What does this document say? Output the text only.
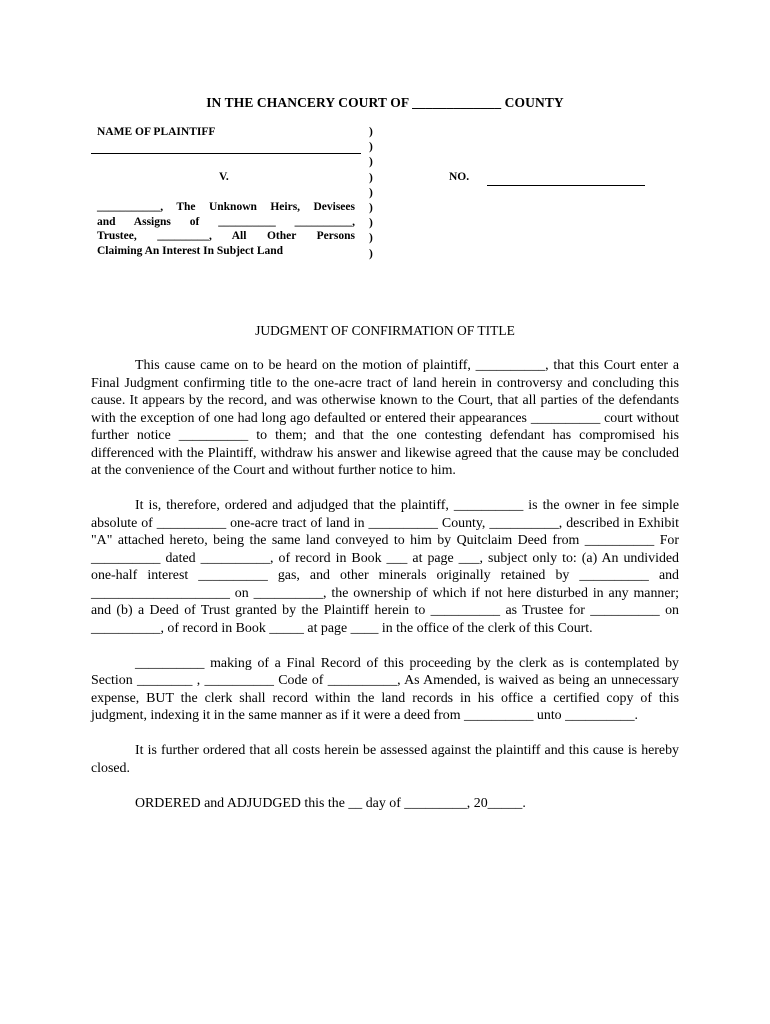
IN THE CHANCERY COURT OF _____________ COUNTY
NAME OF PLAINTIFF
V.
___________, The Unknown Heirs, Devisees
and Assigns of __________ __________,
Trustee, _________, All Other Persons
Claiming An Interest In Subject Land
)
)
)
)
)
)
)
)
)
NO.
JUDGMENT OF CONFIRMATION OF TITLE

This cause came on to be heard on the motion of plaintiff, __________, that this Court enter a Final Judgment confirming title to the one-acre tract of land herein in controversy and concluding this cause. It appears by the record, and was otherwise known to the Court, that all parties of the defendants with the exception of one had long ago defaulted or entered their appearances __________ court without further notice __________ to them; and that the one contesting defendant has compromised his differenced with the Plaintiff, withdraw his answer and likewise agreed that the cause may be concluded at the convenience of the Court and without further notice to him.

It is, therefore, ordered and adjudged that the plaintiff, __________ is the owner in fee simple absolute of __________ one-acre tract of land in __________ County, __________, described in Exhibit "A" attached hereto, being the same land conveyed to him by Quitclaim Deed from __________ For __________ dated __________, of record in Book ___ at page ___, subject only to: (a) An undivided one-half interest __________ gas, and other minerals originally retained by __________ and ____________________ on __________, the ownership of which if not here disturbed in any manner; and (b) a Deed of Trust granted by the Plaintiff herein to __________ as Trustee for __________ on __________, of record in Book _____ at page ____ in the office of the clerk of this Court.

__________ making of a Final Record of this proceeding by the clerk as is contemplated by Section ________ , __________ Code of __________, As Amended, is waived as being an unnecessary expense, BUT the clerk shall record within the land records in his office a certified copy of this judgment, indexing it in the same manner as if it were a deed from __________ unto __________.

It is further ordered that all costs herein be assessed against the plaintiff and this cause is hereby closed.

ORDERED and ADJUDGED this the __ day of _________, 20_____.
